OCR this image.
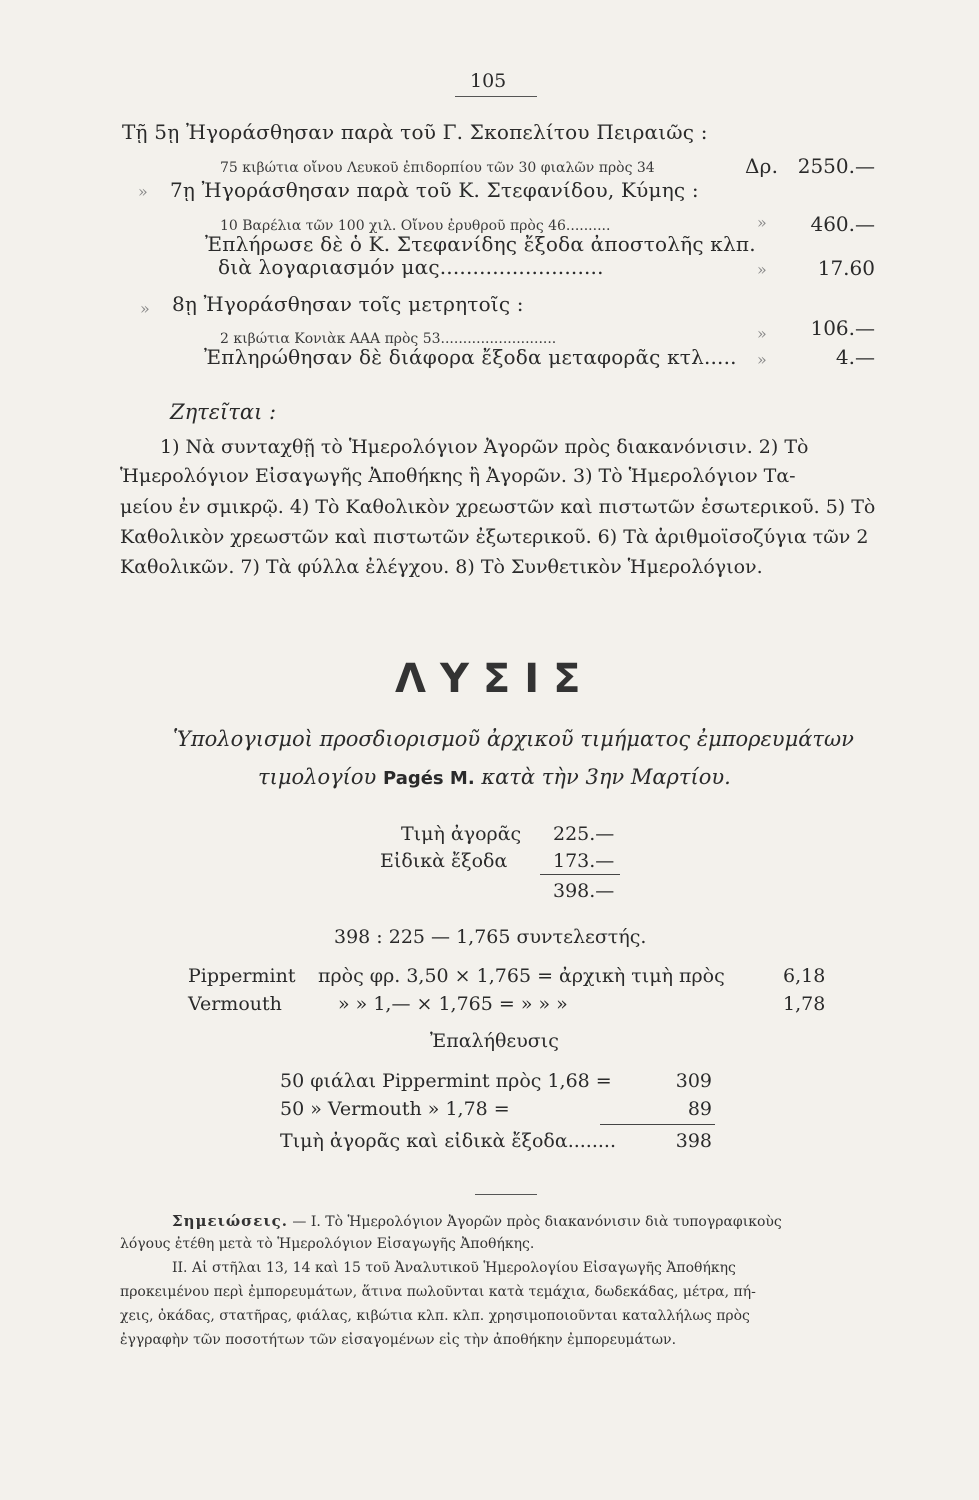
105
Τῇ 5ῃ Ἠγοράσθησαν παρὰ τοῦ Γ. Σκοπελίτου Πειραιῶς :
75 κιβώτια οἴνου Λευκοῦ ἐπιδορπίου τῶν 30 φιαλῶν πρὸς 34	Δρ. 2550.—
» 7ῃ Ἠγοράσθησαν παρὰ τοῦ Κ. Στεφανίδου, Κύμης :
10 Βαρέλια τῶν 100 χιλ. Οἴνου ἐρυθροῦ πρὸς 46..........	»	460.—
Ἐπλήρωσε δὲ ὁ Κ. Στεφανίδης ἔξοδα ἀποστολῆς κλπ.
διὰ λογαριασμόν μας.........................	»	17.60
» 8ῃ Ἠγοράσθησαν τοῖς μετρητοῖς :
2 κιβώτια Κονιὰκ ΑΑΑ πρὸς 53..........................	»	106.—
Ἐπληρώθησαν δὲ διάφορα ἔξοδα μεταφορᾶς κτλ..... »	4.—
Ζητεῖται :
1) Νὰ συνταχθῇ τὸ Ἡμερολόγιον Ἀγορῶν πρὸς διακανόνισιν. 2) Τὸ
Ἡμερολόγιον Εἰσαγωγῆς Ἀποθήκης ἢ Ἀγορῶν. 3) Τὸ Ἡμερολόγιον Τα-
μείου ἐν σμικρῷ. 4) Τὸ Καθολικὸν χρεωστῶν καὶ πιστωτῶν ἐσωτερικοῦ. 5) Τὸ
Καθολικὸν χρεωστῶν καὶ πιστωτῶν ἐξωτερικοῦ. 6) Τὰ ἀριθμοϊσοζύγια τῶν 2
Καθολικῶν. 7) Τὰ φύλλα ἐλέγχου. 8) Τὸ Συνθετικὸν Ἡμερολόγιον.
ΛΥΣΙΣ
Ὑπολογισμοὶ προσδιορισμοῦ ἀρχικοῦ τιμήματος ἐμπορευμάτων
τιμολογίου Pagés M. κατὰ τὴν 3ην Μαρτίου.
Τιμὴ ἀγορᾶς 225.—
Εἰδικὰ ἔξοδα 173.—
398.—
398 : 225 — 1,765 συντελεστής.
Pippermint πρὸς φρ. 3,50 × 1,765 = ἀρχικὴ τιμὴ πρὸς	6,18
Vermouth	» » 1,— × 1,765 = » » »	1,78
Ἐπαλήθευσις
50 φιάλαι Pippermint πρὸς 1,68 =	309
50 » Vermouth » 1,78 =	89
Τιμὴ ἀγορᾶς καὶ εἰδικὰ ἔξοδα........	398
Σημειώσεις. — Ι. Τὸ Ἡμερολόγιον Ἀγορῶν πρὸς διακανόνισιν διὰ τυπογραφικοὺς
λόγους ἐτέθη μετὰ τὸ Ἡμερολόγιον Εἰσαγωγῆς Ἀποθήκης.
ΙΙ. Αἱ στῆλαι 13, 14 καὶ 15 τοῦ Ἀναλυτικοῦ Ἡμερολογίου Εἰσαγωγῆς Ἀποθήκης
προκειμένου περὶ ἐμπορευμάτων, ἅτινα πωλοῦνται κατὰ τεμάχια, δωδεκάδας, μέτρα, πή-
χεις, ὀκάδας, στατῆρας, φιάλας, κιβώτια κλπ. κλπ. χρησιμοποιοῦνται καταλλήλως πρὸς
ἐγγραφὴν τῶν ποσοτήτων τῶν εἰσαγομένων εἰς τὴν ἀποθήκην ἐμπορευμάτων.
